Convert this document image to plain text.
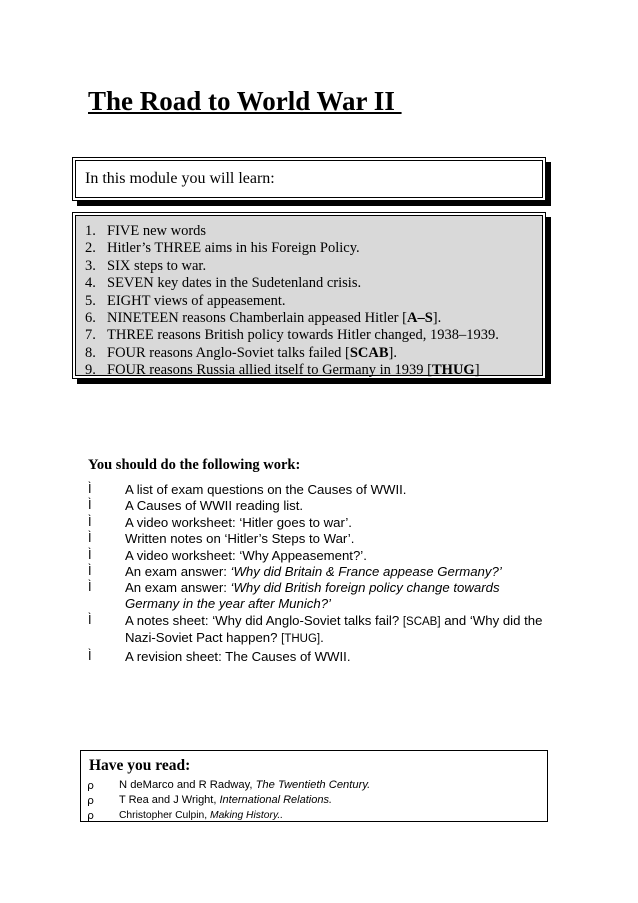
The Road to World War II
In this module you will learn:
1. FIVE new words
2. Hitler’s THREE aims in his Foreign Policy.
3. SIX steps to war.
4. SEVEN key dates in the Sudetenland crisis.
5. EIGHT views of appeasement.
6. NINETEEN reasons Chamberlain appeased Hitler [A–S].
7. THREE reasons British policy towards Hitler changed, 1938–1939.
8. FOUR reasons Anglo-Soviet talks failed [SCAB].
9. FOUR reasons Russia allied itself to Germany in 1939 [THUG]
You should do the following work:
Ì	A list of exam questions on the Causes of WWII.
Ì	A Causes of WWII reading list.
Ì	A video worksheet: ‘Hitler goes to war’.
Ì	Written notes on ‘Hitler’s Steps to War’.
Ì	A video worksheet: ‘Why Appeasement?’.
Ì	An exam answer: ‘Why did Britain & France appease Germany?’
Ì	An exam answer: ‘Why did British foreign policy change towards Germany in the year after Munich?’
Ì	A notes sheet: ‘Why did Anglo-Soviet talks fail? [SCAB] and ‘Why did the Nazi-Soviet Pact happen? [THUG].
Ì	A revision sheet: The Causes of WWII.
Have you read:
ρ N deMarco and R Radway, The Twentieth Century.
ρ T Rea and J Wright, International Relations.
ρ Christopher Culpin, Making History..
